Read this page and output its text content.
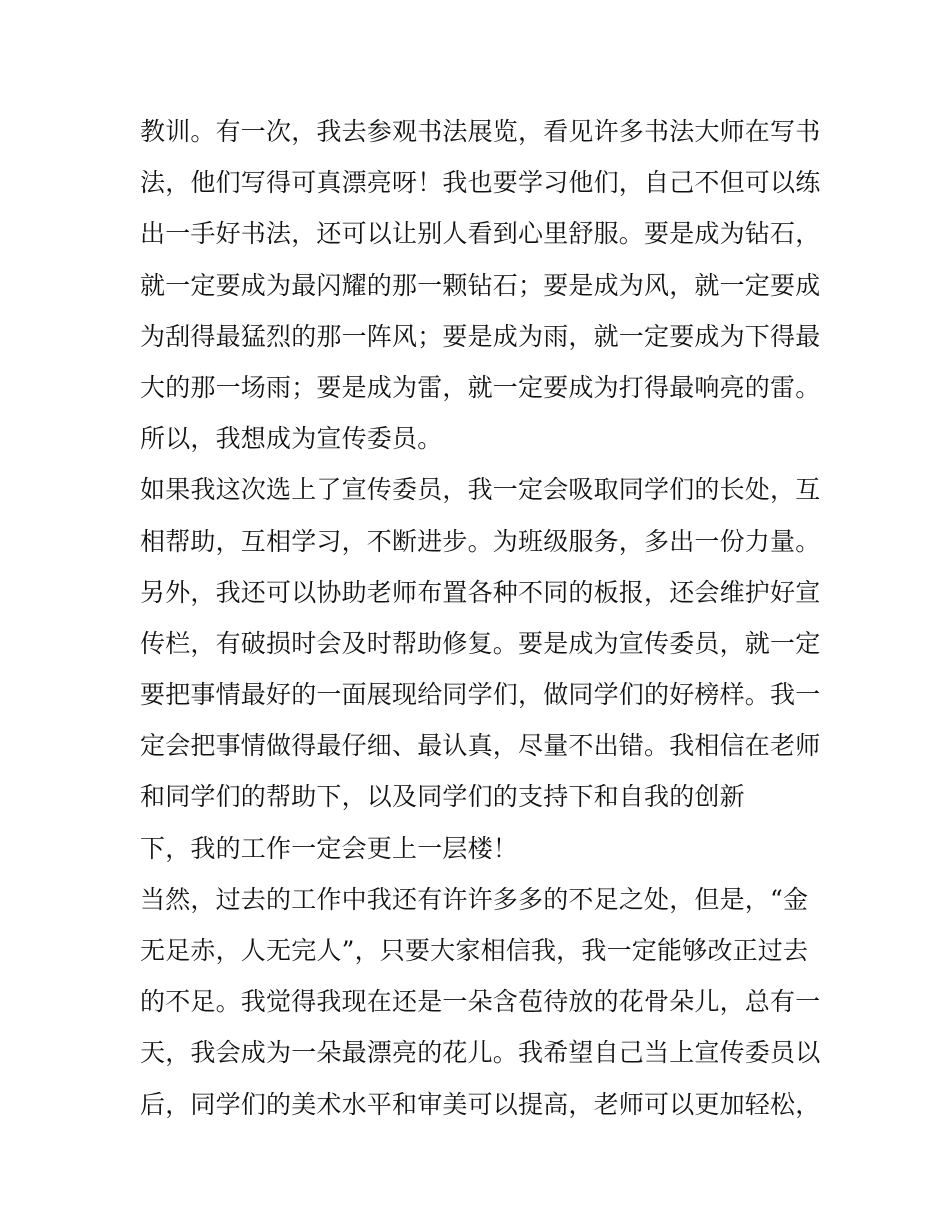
教训。有一次，我去参观书法展览，看见许多书法大师在写书
法，他们写得可真漂亮呀！我也要学习他们，自己不但可以练
出一手好书法，还可以让别人看到心里舒服。要是成为钻石，
就一定要成为最闪耀的那一颗钻石；要是成为风，就一定要成
为刮得最猛烈的那一阵风；要是成为雨，就一定要成为下得最
大的那一场雨；要是成为雷，就一定要成为打得最响亮的雷。
所以，我想成为宣传委员。
如果我这次选上了宣传委员，我一定会吸取同学们的长处，互
相帮助，互相学习，不断进步。为班级服务，多出一份力量。
另外，我还可以协助老师布置各种不同的板报，还会维护好宣
传栏，有破损时会及时帮助修复。要是成为宣传委员，就一定
要把事情最好的一面展现给同学们，做同学们的好榜样。我一
定会把事情做得最仔细、最认真，尽量不出错。我相信在老师
和同学们的帮助下，以及同学们的支持下和自我的创新
下，我的工作一定会更上一层楼！
当然，过去的工作中我还有许许多多的不足之处，但是，“金
无足赤，人无完人”，只要大家相信我，我一定能够改正过去
的不足。我觉得我现在还是一朵含苞待放的花骨朵儿，总有一
天，我会成为一朵最漂亮的花儿。我希望自己当上宣传委员以
后，同学们的美术水平和审美可以提高，老师可以更加轻松，
